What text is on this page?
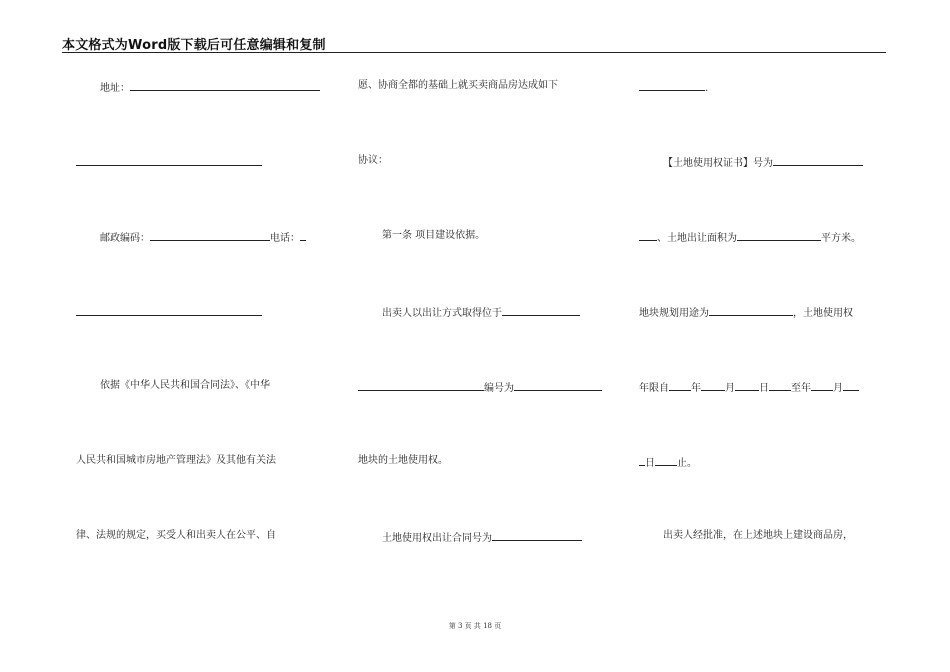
本文格式为Word版下载后可任意编辑和复制
地址：
邮政编码：	电话：
依据《中华人民共和国合同法》、《中华
人民共和国城市房地产管理法》及其他有关法
律、法规的规定，买受人和出卖人在公平、自
愿、协商全都的基础上就买卖商品房达成如下
协议：
第一条 项目建设依据。
出卖人以出让方式取得位于
编号为
地块的土地使用权。
土地使用权出让合同号为
.
【土地使用权证书】号为
、土地出让面积为	平方米。
地块规划用途为	，土地使用权
年限自 年 月 日 至年 月
日 止。
出卖人经批准，在上述地块上建设商品房，
第 3 页 共 18 页
